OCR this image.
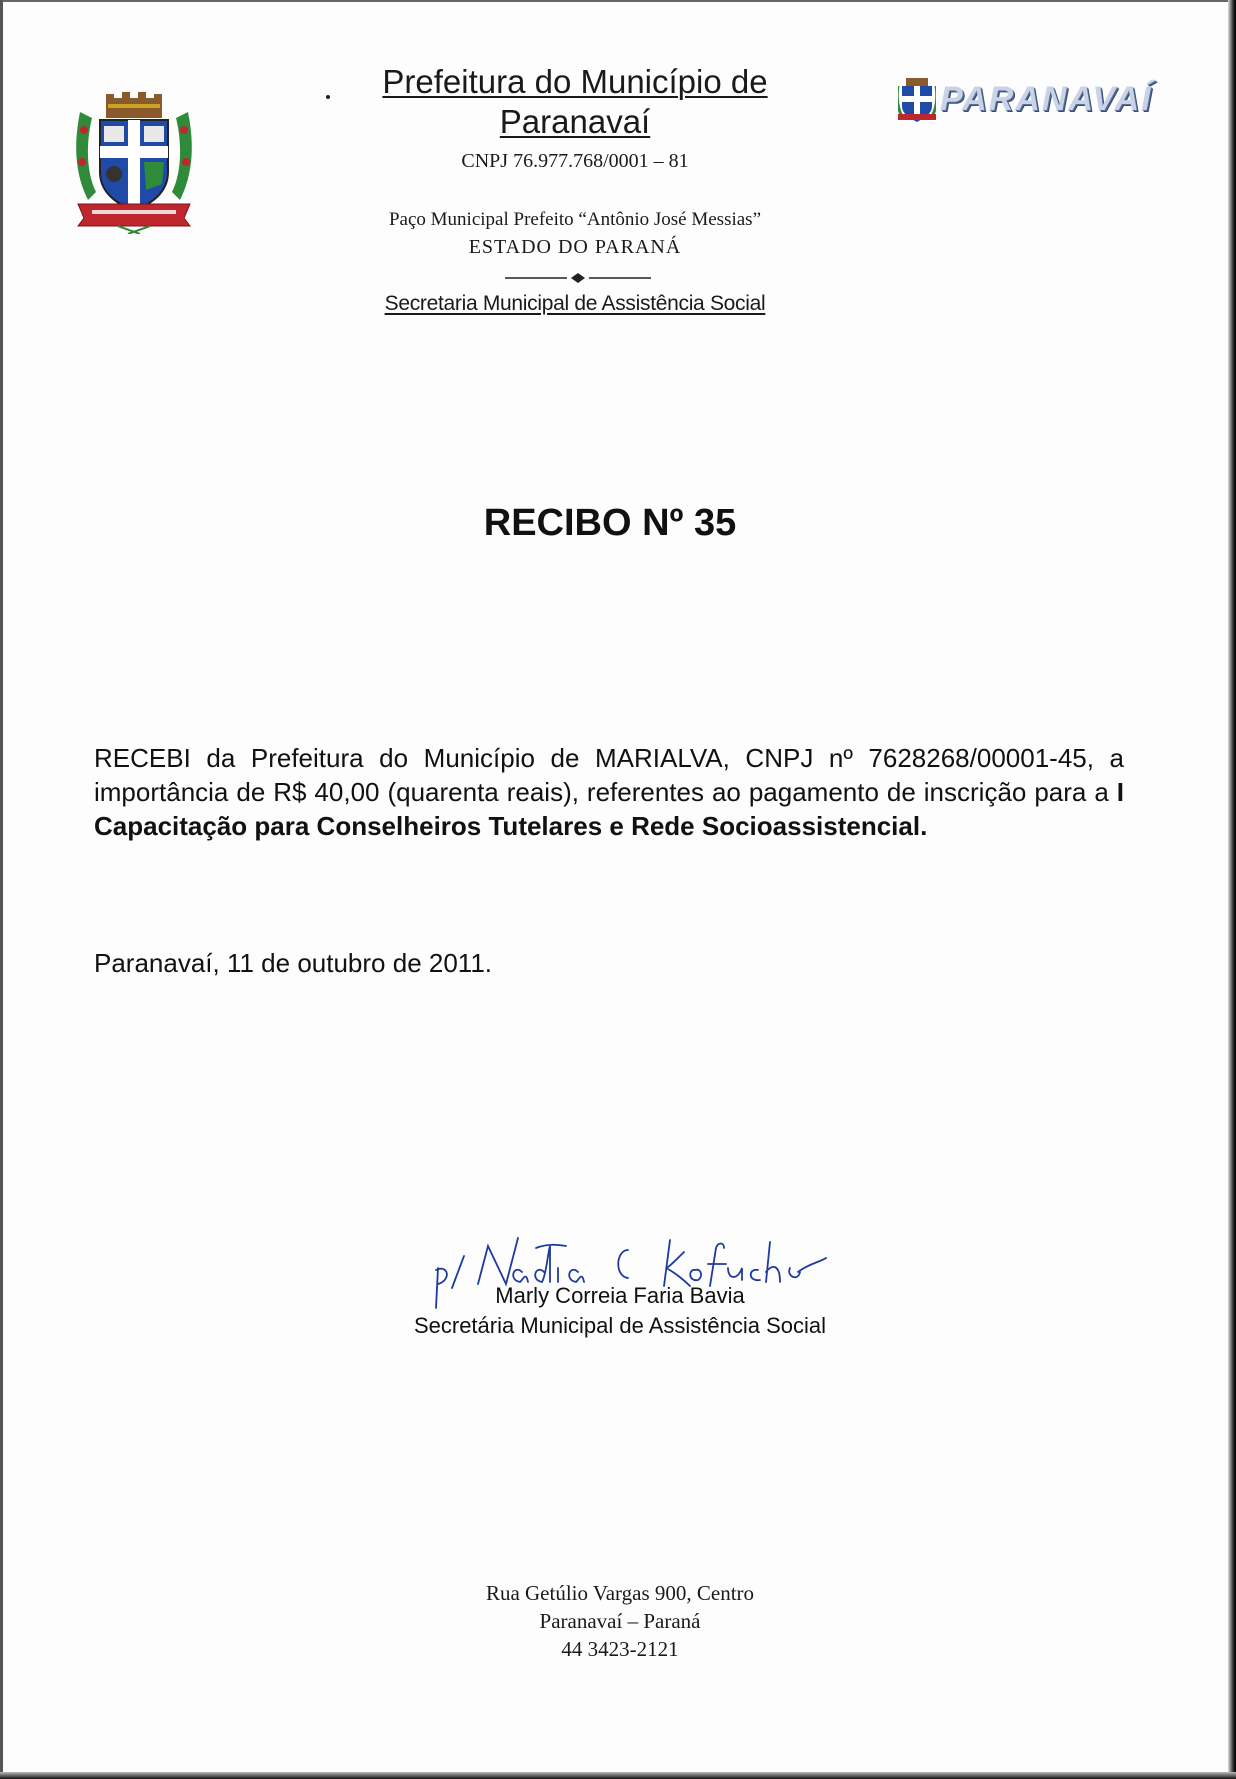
PARANAVAÍ
Prefeitura do Município de
Paranavaí
CNPJ 76.977.768/0001 – 81
Paço Municipal Prefeito “Antônio José Messias”
ESTADO DO PARANÁ
Secretaria Municipal de Assistência Social
RECIBO Nº 35

RECEBI da Prefeitura do Município de MARIALVA, CNPJ nº 7628268/00001-45, a importância de R$ 40,00 (quarenta reais), referentes ao pagamento de inscrição para a I Capacitação para Conselheiros Tutelares e Rede Socioassistencial.

Paranavaí, 11 de outubro de 2011.
Marly Correia Faria Bavia
Secretária Municipal de Assistência Social
Rua Getúlio Vargas 900, Centro
Paranavaí – Paraná
44 3423-2121
